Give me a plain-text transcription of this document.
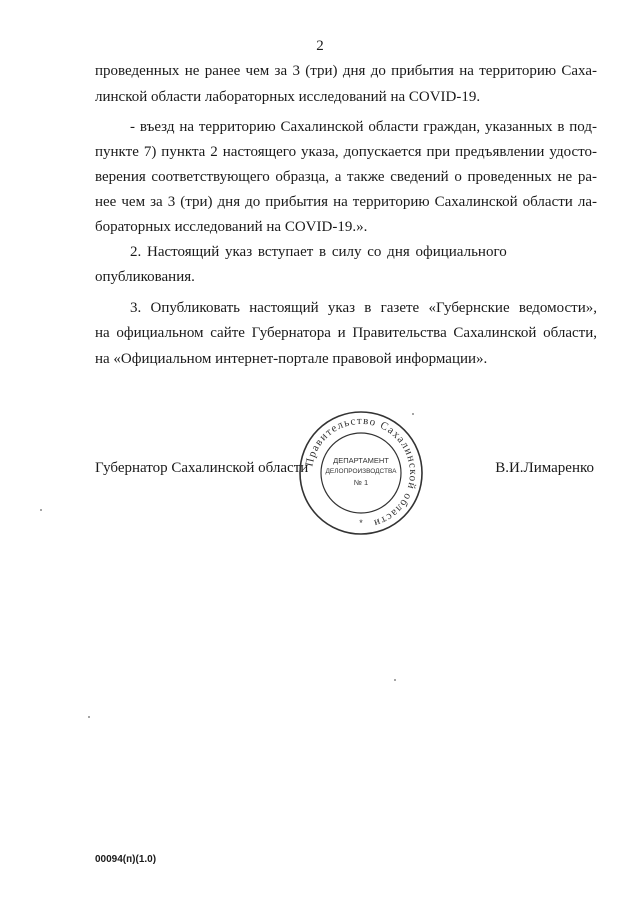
2
проведенных не ранее чем за 3 (три) дня до прибытия на территорию Саха-
линской области лабораторных исследований на COVID-19.
- въезд на территорию Сахалинской области граждан, указанных в под-
пункте 7) пункта 2 настоящего указа, допускается при предъявлении удосто-
верения соответствующего образца, а также сведений о проведенных не ра-
нее чем за 3 (три) дня до прибытия на территорию Сахалинской области ла-
бораторных исследований на COVID-19.».
2. Настоящий указ вступает в силу со дня официального
опубликования.
3. Опубликовать настоящий указ в газете «Губернские ведомости»,
на официальном сайте Губернатора и Правительства Сахалинской области,
на «Официальном интернет-портале правовой информации».
Губернатор Сахалинской области	В.И.Лимаренко
Правительство Сахалинской области
ДЕПАРТАМЕНТ
ДЕЛОПРОИЗВОДСТВА
№ 1
*
00094(п)(1.0)
